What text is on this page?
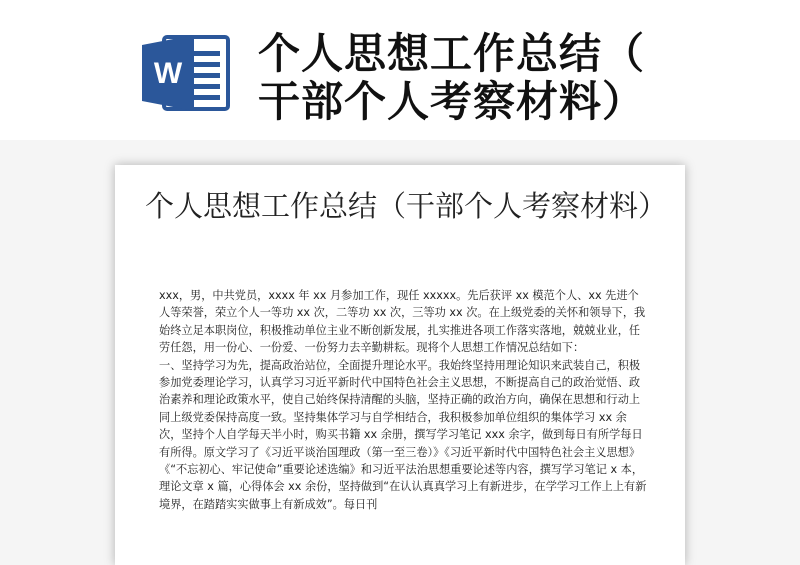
W 个人思想工作总结（
干部个人考察材料）
个人思想工作总结（干部个人考察材料）

xxx，男，中共党员，xxxx 年 xx 月参加工作，现任 xxxxx。先后获评 xx 模范个人、xx 先进个人等荣誉，荣立个人一等功 xx 次，二等功 xx 次，三等功 xx 次。在上级党委的关怀和领导下，我始终立足本职岗位，积极推动单位主业不断创新发展，扎实推进各项工作落实落地，兢兢业业，任劳任怨，用一份心、一份爱、一份努力去辛勤耕耘。现将个人思想工作情况总结如下：

一、坚持学习为先，提高政治站位，全面提升理论水平。我始终坚持用理论知识来武装自己，积极参加党委理论学习，认真学习习近平新时代中国特色社会主义思想，不断提高自己的政治觉悟、政治素养和理论政策水平，使自己始终保持清醒的头脑，坚持正确的政治方向，确保在思想和行动上同上级党委保持高度一致。坚持集体学习与自学相结合，我积极参加单位组织的集体学习 xx 余次，坚持个人自学每天半小时，购买书籍 xx 余册，撰写学习笔记 xxx 余字，做到每日有所学每日有所得。原文学习了《习近平谈治国理政（第一至三卷）》《习近平新时代中国特色社会主义思想》《“不忘初心、牢记使命”重要论述选编》和习近平法治思想重要论述等内容，撰写学习笔记 x 本，理论文章 x 篇，心得体会 xx 余份，坚持做到“在认认真真学习上有新进步，在学学习工作上上有新境界，在踏踏实实做事上有新成效”。每日刊
